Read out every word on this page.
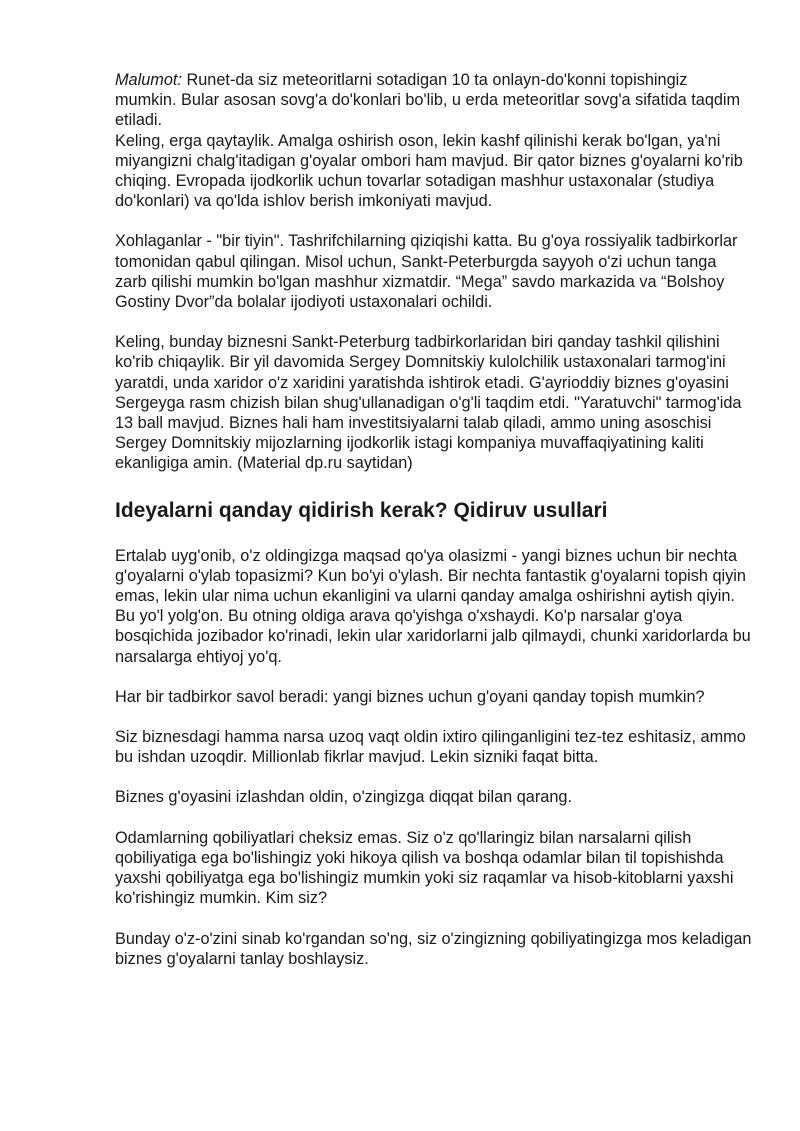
Malumot: Runet-da siz meteoritlarni sotadigan 10 ta onlayn-do'konni topishingiz mumkin. Bular asosan sovg'a do'konlari bo'lib, u erda meteoritlar sovg'a sifatida taqdim etiladi.

Keling, erga qaytaylik. Amalga oshirish oson, lekin kashf qilinishi kerak bo'lgan, ya'ni miyangizni chalg'itadigan g'oyalar ombori ham mavjud. Bir qator biznes g'oyalarni ko'rib chiqing. Evropada ijodkorlik uchun tovarlar sotadigan mashhur ustaxonalar (studiya do'konlari) va qo'lda ishlov berish imkoniyati mavjud.

Xohlaganlar - "bir tiyin". Tashrifchilarning qiziqishi katta. Bu g'oya rossiyalik tadbirkorlar tomonidan qabul qilingan. Misol uchun, Sankt-Peterburgda sayyoh o'zi uchun tanga zarb qilishi mumkin bo'lgan mashhur xizmatdir. “Mega” savdo markazida va “Bolshoy Gostiny Dvor”da bolalar ijodiyoti ustaxonalari ochildi.

Keling, bunday biznesni Sankt-Peterburg tadbirkorlaridan biri qanday tashkil qilishini ko'rib chiqaylik. Bir yil davomida Sergey Domnitskiy kulolchilik ustaxonalari tarmog'ini yaratdi, unda xaridor o'z xaridini yaratishda ishtirok etadi. G'ayrioddiy biznes g'oyasini Sergeyga rasm chizish bilan shug'ullanadigan o'g'li taqdim etdi. "Yaratuvchi" tarmog'ida 13 ball mavjud. Biznes hali ham investitsiyalarni talab qiladi, ammo uning asoschisi Sergey Domnitskiy mijozlarning ijodkorlik istagi kompaniya muvaffaqiyatining kaliti ekanligiga amin. (Material dp.ru saytidan)

Ideyalarni qanday qidirish kerak? Qidiruv usullari

Ertalab uyg'onib, o'z oldingizga maqsad qo'ya olasizmi - yangi biznes uchun bir nechta g'oyalarni o'ylab topasizmi? Kun bo'yi o'ylash. Bir nechta fantastik g'oyalarni topish qiyin emas, lekin ular nima uchun ekanligini va ularni qanday amalga oshirishni aytish qiyin. Bu yo'l yolg'on. Bu otning oldiga arava qo'yishga o'xshaydi. Ko'p narsalar g'oya bosqichida jozibador ko'rinadi, lekin ular xaridorlarni jalb qilmaydi, chunki xaridorlarda bu narsalarga ehtiyoj yo'q.

Har bir tadbirkor savol beradi: yangi biznes uchun g'oyani qanday topish mumkin?

Siz biznesdagi hamma narsa uzoq vaqt oldin ixtiro qilinganligini tez-tez eshitasiz, ammo bu ishdan uzoqdir. Millionlab fikrlar mavjud. Lekin sizniki faqat bitta.

Biznes g'oyasini izlashdan oldin, o'zingizga diqqat bilan qarang.

Odamlarning qobiliyatlari cheksiz emas. Siz o'z qo'llaringiz bilan narsalarni qilish qobiliyatiga ega bo'lishingiz yoki hikoya qilish va boshqa odamlar bilan til topishishda yaxshi qobiliyatga ega bo'lishingiz mumkin yoki siz raqamlar va hisob-kitoblarni yaxshi ko'rishingiz mumkin. Kim siz?

Bunday o'z-o'zini sinab ko'rgandan so'ng, siz o'zingizning qobiliyatingizga mos keladigan biznes g'oyalarni tanlay boshlaysiz.
